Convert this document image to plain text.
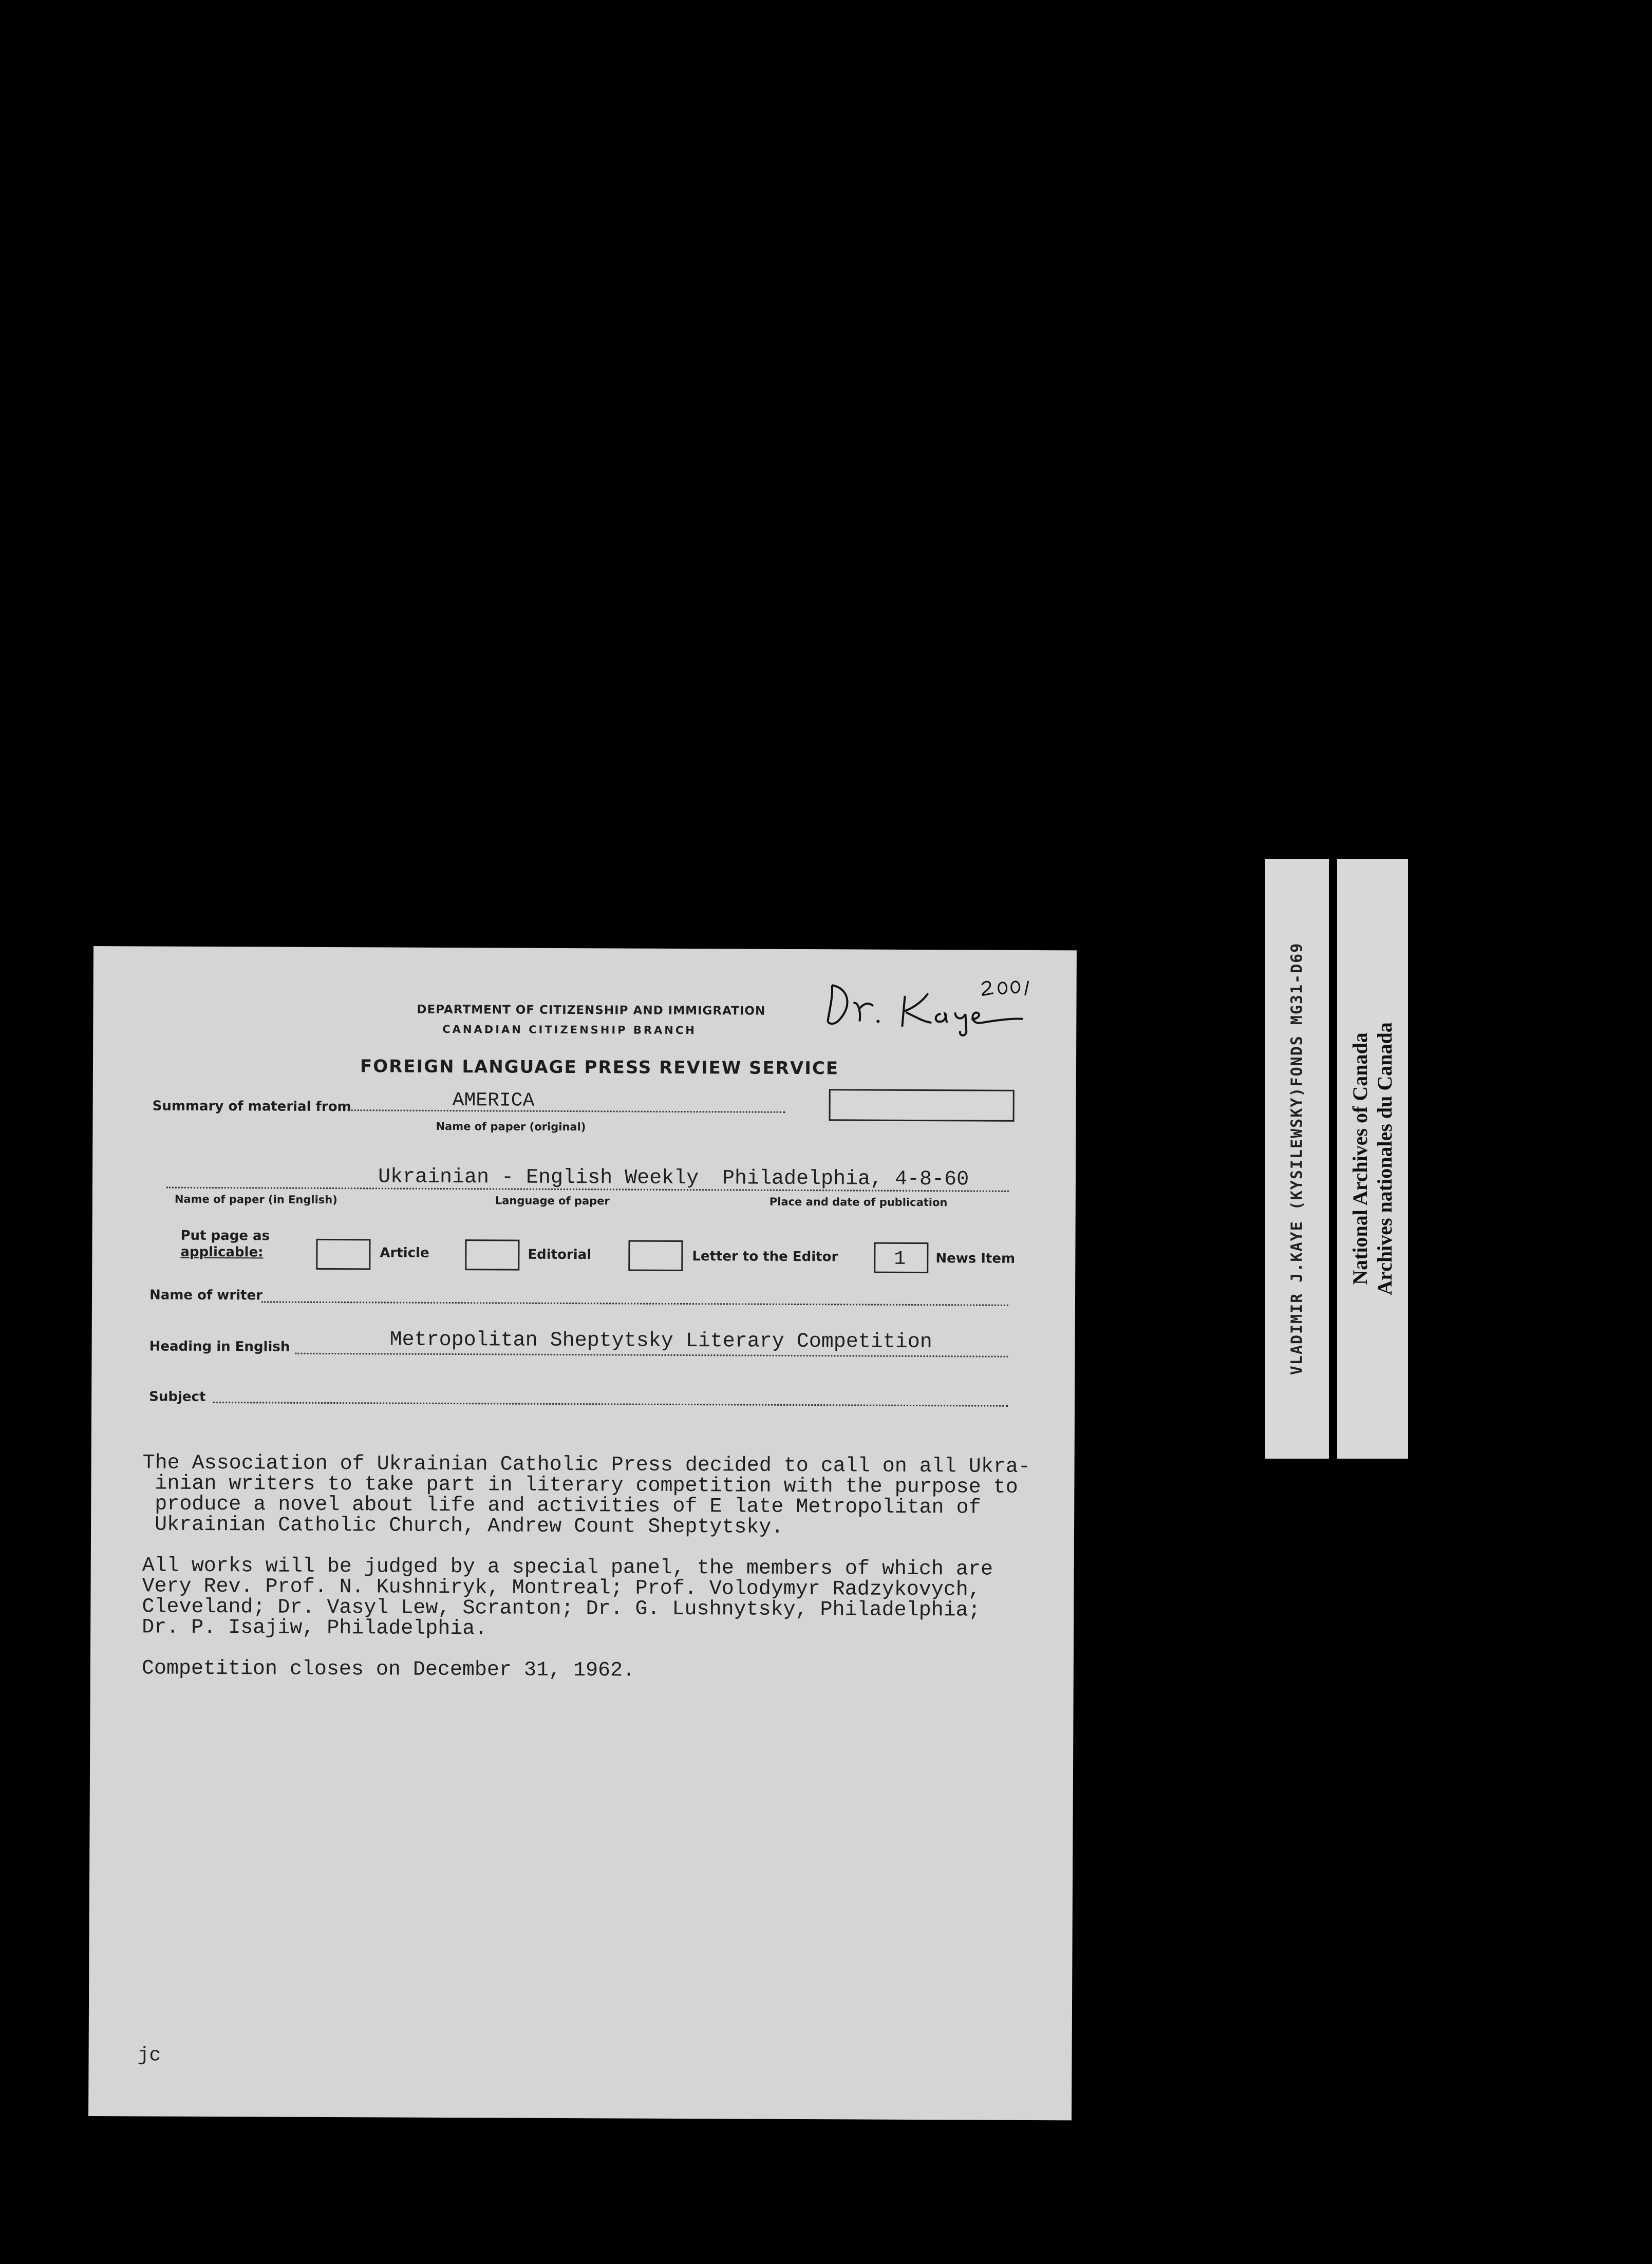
DEPARTMENT OF CITIZENSHIP AND IMMIGRATION
CANADIAN CITIZENSHIP BRANCH
FOREIGN LANGUAGE PRESS REVIEW SERVICE
Dr. Kaye
Summary of material from	AMERICA
Name of paper (original)
Ukrainian - English Weekly Philadelphia, 4-8-60
Name of paper (in English)	Language of paper	Place and date of publication
Put page as
applicable:	Article	Editorial	Letter to the Editor	1 News Item
Name of writer
Heading in English	Metropolitan Sheptytsky Literary Competition
Subject
The Association of Ukrainian Catholic Press decided to call on all Ukra-
inian writers to take part in literary competition with the purpose to
produce a novel about life and activities of E late Metropolitan of
Ukrainian Catholic Church, Andrew Count Sheptytsky.

All works will be judged by a special panel, the members of which are
Very Rev. Prof. N. Kushniryk, Montreal; Prof. Volodymyr Radzykovych,
Cleveland; Dr. Vasyl Lew, Scranton; Dr. G. Lushnytsky, Philadelphia;
Dr. P. Isajiw, Philadelphia.

Competition closes on December 31, 1962.
jc
VLADIMIR J.KAYE (KYSILEWSKY)FONDS MG31-D69 National Archives of Canada Archives nationales du Canada
